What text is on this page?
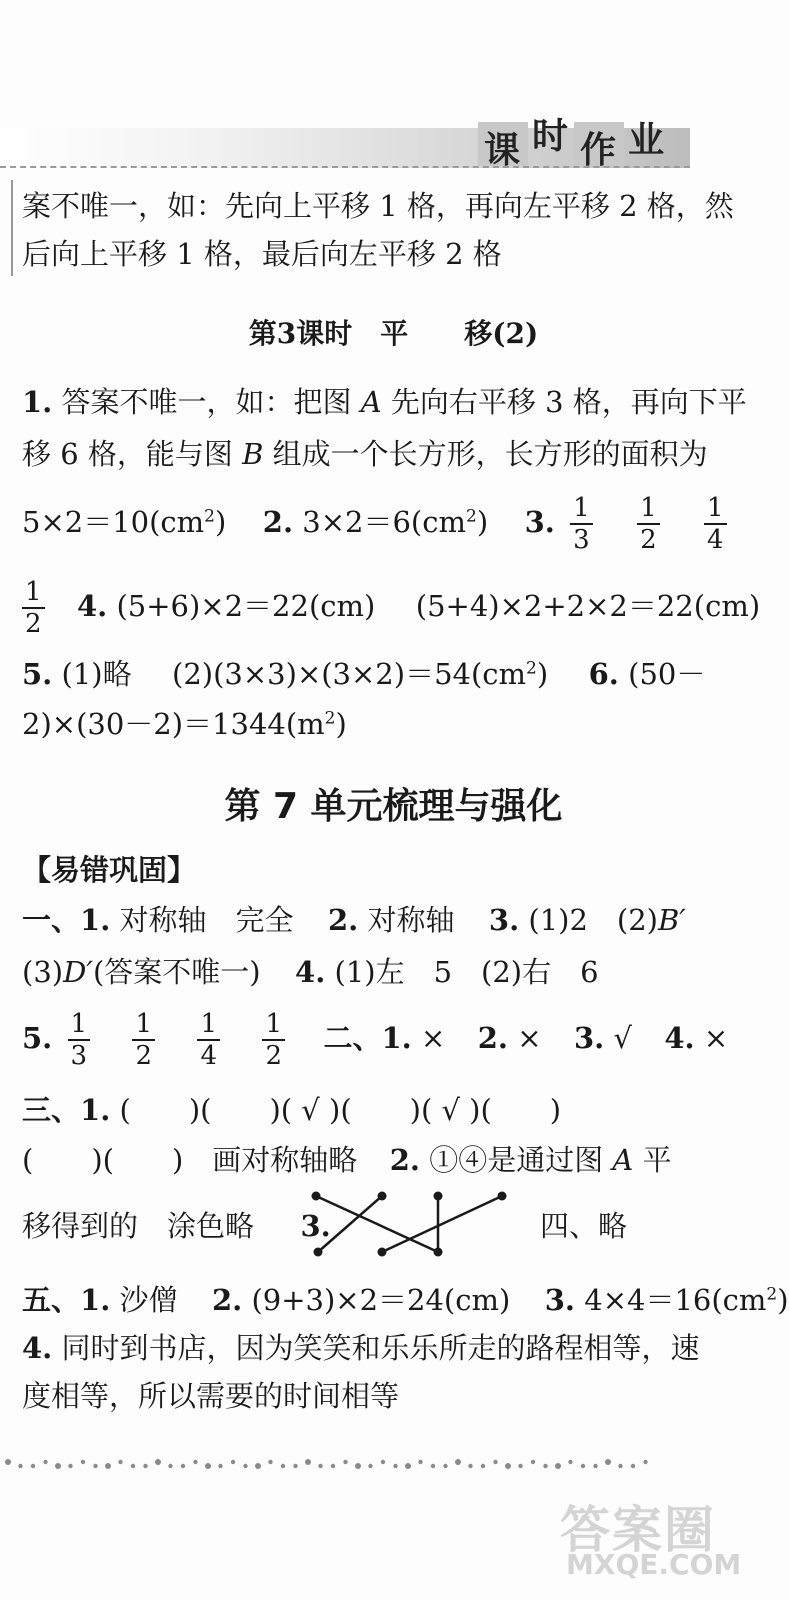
课 时 作 业
案不唯一，如：先向上平移 1 格，再向左平移 2 格，然
后向上平移 1 格，最后向左平移 2 格
第3课时　平　　移(2)
1. 答案不唯一，如：把图 A 先向右平移 3 格，再向下平
移 6 格，能与图 B 组成一个长方形，长方形的面积为
$5\times 2=10(cm^2)$ 2. $3\times 2=6(cm^2)$ 3. $\frac{1}{3}$
$\frac{1}{2}$
$\frac{1}{4}$
$\frac{1}{2} 4$. (5+6)×2＝22(cm) (5+4)×2+2×2＝22(cm)
5. (1)略 $(2)(3\times 3)\times(3\times 2)=54(cm^2)$ 6. (50－
$2)\times(30-2)=1344(m^2)$
第 7 单元梳理与强化
【易错巩固】
一、1. 对称轴　完全 2. 对称轴 3. (1)2　(2)B′
(3)D′(答案不唯一) 4. (1)左　5　(2)右　6
5. $\frac{1}{3}$
$\frac{1}{2}$
$\frac{1}{4}$
$\frac{1}{2}$ 二、1. × 2. × 3. √ 4. ×
三、1. (　　)(　　)( √ )(　　)( √ )(　　)
(　　)(　　)　画对称轴略 2. ①④是通过图 A 平
移得到的　涂色略 3.	四、略
五、1. 沙僧 2. (9+3)×2＝24(cm) 3. $4\times 4=16(cm^2)$
4. 同时到书店，因为笑笑和乐乐所走的路程相等，速
度相等，所以需要的时间相等
答案圈
MXQE.COM
